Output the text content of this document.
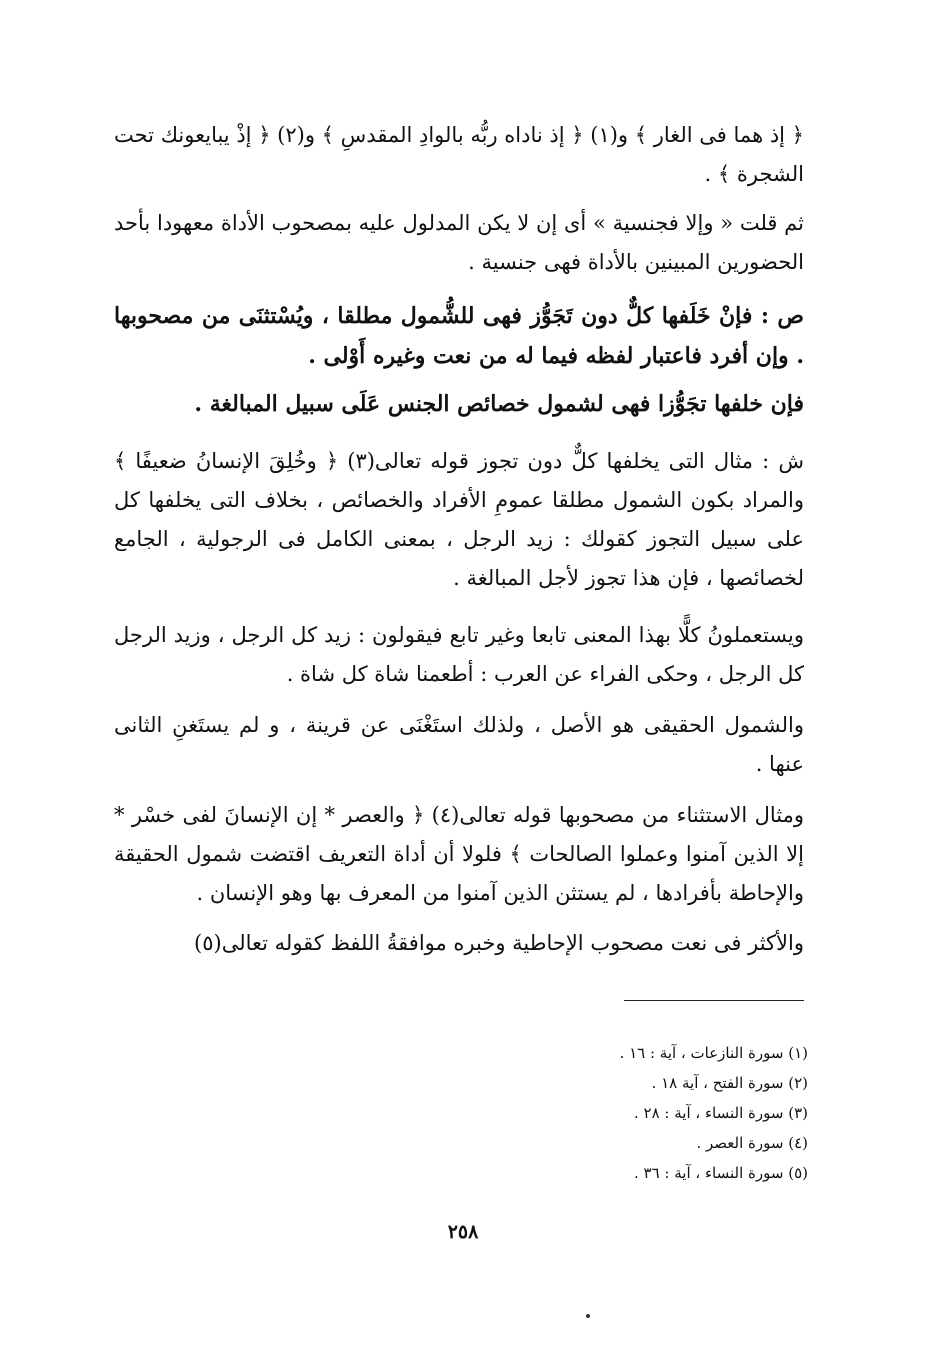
﴿ إذ هما فى الغار ﴾ و(١) ﴿ إذ ناداه ربُّه بالوادِ المقدسِ ﴾ و(٢) ﴿ إذْ يبايعونك تحت الشجرة ﴾ .

ثم قلت « وإلا فجنسية » أى إن لا يكن المدلول عليه بمصحوب الأداة معهودا بأحد الحضورين المبينين بالأداة فهى جنسية .

ص : فإنْ خَلَفها كلٌّ دون تَجَوُّز فهى للشُّمول مطلقا ، ويُسْتثنَى من مصحوبها . وإن أفرد فاعتبار لفظه فيما له من نعت وغيره أَوْلى .

فإن خلفها تجَوُّزا فهى لشمول خصائص الجنس عَلَى سبيل المبالغة .

ش : مثال التى يخلفها كلٌّ دون تجوز قوله تعالى(٣) ﴿ وخُلِقَ الإنسانُ ضعيفًا ﴾ والمراد بكون الشمول مطلقا عمومِ الأفراد والخصائص ، بخلاف التى يخلفها كل على سبيل التجوز كقولك : زيد الرجل ، بمعنى الكامل فى الرجولية ، الجامع لخصائصها ، فإن هذا تجوز لأجل المبالغة .

ويستعملونُ كلًّا بهذا المعنى تابعا وغير تابع فيقولون : زيد كل الرجل ، وزيد الرجل كل الرجل ، وحكى الفراء عن العرب : أطعمنا شاة كل شاة .

والشمول الحقيقى هو الأصل ، ولذلك استَغْنَى عن قرينة ، و لم يستَغنِ الثانى عنها .

ومثال الاستثناء من مصحوبها قوله تعالى(٤) ﴿ والعصر * إن الإنسانَ لفى خسْر * إلا الذين آمنوا وعملوا الصالحات ﴾ فلولا أن أداة التعريف اقتضت شمول الحقيقة والإحاطة بأفرادها ، لم يستثن الذين آمنوا من المعرف بها وهو الإنسان .

والأكثر فى نعت مصحوب الإحاطية وخبره موافقةُ اللفظ كقوله تعالى(٥)

(١) سورة النازعات ، آية : ١٦ .
(٢) سورة الفتح ، آية ١٨ .
(٣) سورة النساء ، آية : ٢٨ .
(٤) سورة العصر .
(٥) سورة النساء ، آية : ٣٦ .
٢٥٨
